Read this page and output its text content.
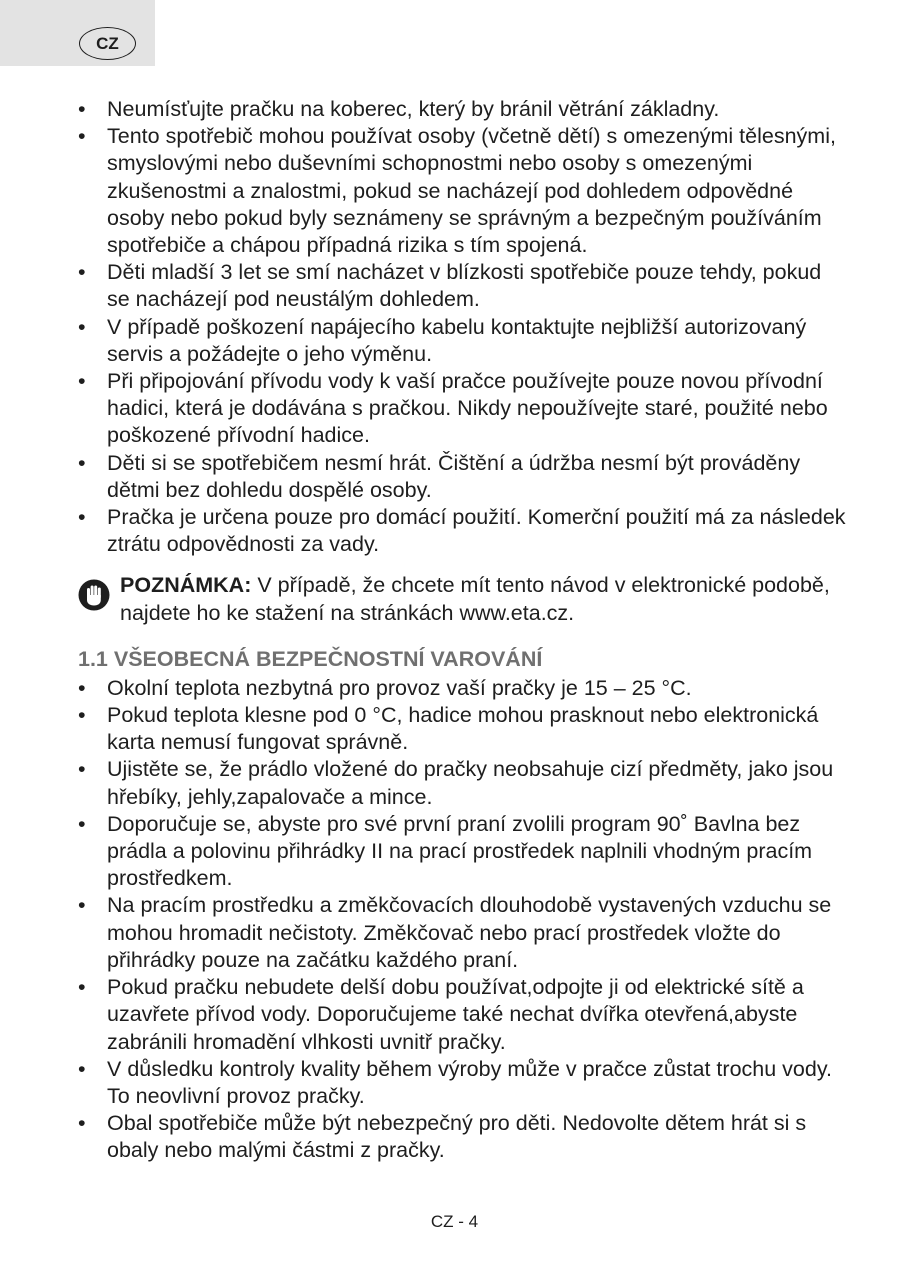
CZ
• Neumísťujte pračku na koberec, který by bránil větrání základny.
• Tento spotřebič mohou používat osoby (včetně dětí) s omezenými tělesnými, smyslovými nebo duševními schopnostmi nebo osoby s omezenými zkušenostmi a znalostmi, pokud se nacházejí pod dohledem odpovědné osoby nebo pokud byly seznámeny se správným a bezpečným používáním spotřebiče a chápou případná rizika s tím spojená.
• Děti mladší 3 let se smí nacházet v blízkosti spotřebiče pouze tehdy, pokud se nacházejí pod neustálým dohledem.
• V případě poškození napájecího kabelu kontaktujte nejbližší autorizovaný servis a požádejte o jeho výměnu.
• Při připojování přívodu vody k vaší pračce používejte pouze novou přívodní hadici, která je dodávána s pračkou. Nikdy nepoužívejte staré, použité nebo poškozené přívodní hadice.
• Děti si se spotřebičem nesmí hrát. Čištění a údržba nesmí být prováděny dětmi bez dohledu dospělé osoby.
• Pračka je určena pouze pro domácí použití. Komerční použití má za následek ztrátu odpovědnosti za vady.
POZNÁMKA: V případě, že chcete mít tento návod v elektronické podobě, najdete ho ke stažení na stránkách www.eta.cz.
1.1 VŠEOBECNÁ BEZPEČNOSTNÍ VAROVÁNÍ
• Okolní teplota nezbytná pro provoz vaší pračky je 15 – 25 °C.
• Pokud teplota klesne pod 0 °C, hadice mohou prasknout nebo elektronická karta nemusí fungovat správně.
• Ujistěte se, že prádlo vložené do pračky neobsahuje cizí předměty, jako jsou hřebíky, jehly,zapalovače a mince.
• Doporučuje se, abyste pro své první praní zvolili program 90˚ Bavlna bez prádla a polovinu přihrádky II na prací prostředek naplnili vhodným pracím prostředkem.
• Na pracím prostředku a změkčovacích dlouhodobě vystavených vzduchu se mohou hromadit nečistoty. Změkčovač nebo prací prostředek vložte do přihrádky pouze na začátku každého praní.
• Pokud pračku nebudete delší dobu používat,odpojte ji od elektrické sítě a uzavřete přívod vody. Doporučujeme také nechat dvířka otevřená,abyste zabránili hromadění vlhkosti uvnitř pračky.
• V důsledku kontroly kvality během výroby může v pračce zůstat trochu vody. To neovlivní provoz pračky.
• Obal spotřebiče může být nebezpečný pro děti. Nedovolte dětem hrát si s obaly nebo malými částmi z pračky.
CZ - 4
